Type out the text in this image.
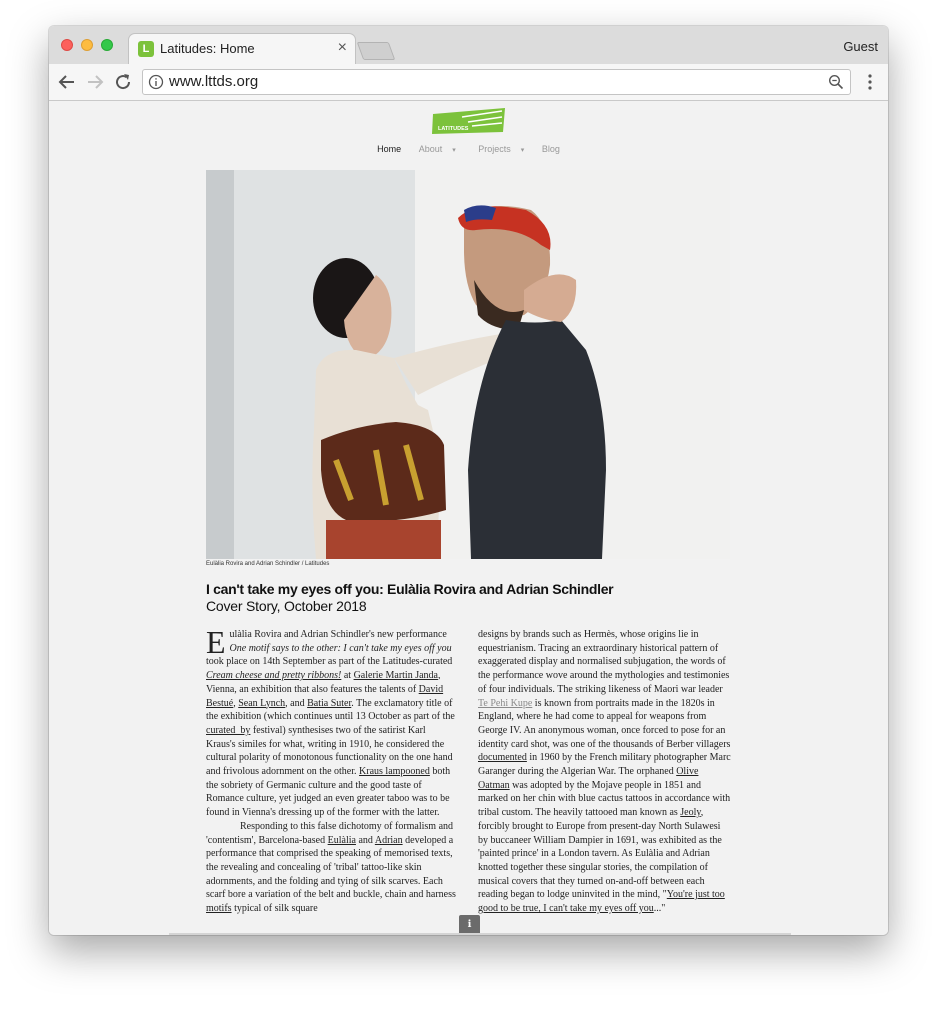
L Latitudes: Home	×	Guest
www.lttds.org
LATITUDES
Home About ▾	Projects ▾ Blog
Eulàlia Rovira and Adrian Schindler / Latitudes
I can't take my eyes off you: Eulàlia Rovira and Adrian Schindler
Cover Story, October 2018

Eulàlia Rovira and Adrian Schindler's new performance One motif says to the other: I can't take my eyes off you took place on 14th September as part of the Latitudes-curated Cream cheese and pretty ribbons! at Galerie Martin Janda, Vienna, an exhibition that also features the talents of David Bestué, Sean Lynch, and Batia Suter. The exclamatory title of the exhibition (which continues until 13 October as part of the curated_by festival) synthesises two of the satirist Karl Kraus's similes for what, writing in 1910, he considered the cultural polarity of monotonous functionality on the one hand and frivolous adornment on the other. Kraus lampooned both the sobriety of Germanic culture and the good taste of Romance culture, yet judged an even greater taboo was to be found in Vienna's dressing up of the former with the latter.

Responding to this false dichotomy of formalism and 'contentism', Barcelona-based Eulàlia and Adrian developed a performance that comprised the speaking of memorised texts, the revealing and concealing of 'tribal' tattoo-like skin adornments, and the folding and tying of silk scarves. Each scarf bore a variation of the belt and buckle, chain and harness motifs typical of silk square

designs by brands such as Hermès, whose origins lie in equestrianism. Tracing an extraordinary historical pattern of exaggerated display and normalised subjugation, the words of the performance wove around the mythologies and testimonies of four individuals. The striking likeness of Maori war leader Te Pehi Kupe is known from portraits made in the 1820s in England, where he had come to appeal for weapons from George IV. An anonymous woman, once forced to pose for an identity card shot, was one of the thousands of Berber villagers documented in 1960 by the French military photographer Marc Garanger during the Algerian War. The orphaned Olive Oatman was adopted by the Mojave people in 1851 and marked on her chin with blue cactus tattoos in accordance with tribal custom. The heavily tattooed man known as Jeoly, forcibly brought to Europe from present-day North Sulawesi by buccaneer William Dampier in 1691, was exhibited as the 'painted prince' in a London tavern. As Eulàlia and Adrian knotted together these singular stories, the compilation of musical covers that they turned on-and-off between each reading began to lodge uninvited in the mind, "You're just too good to be true, I can't take my eyes off you..."

ℹ
